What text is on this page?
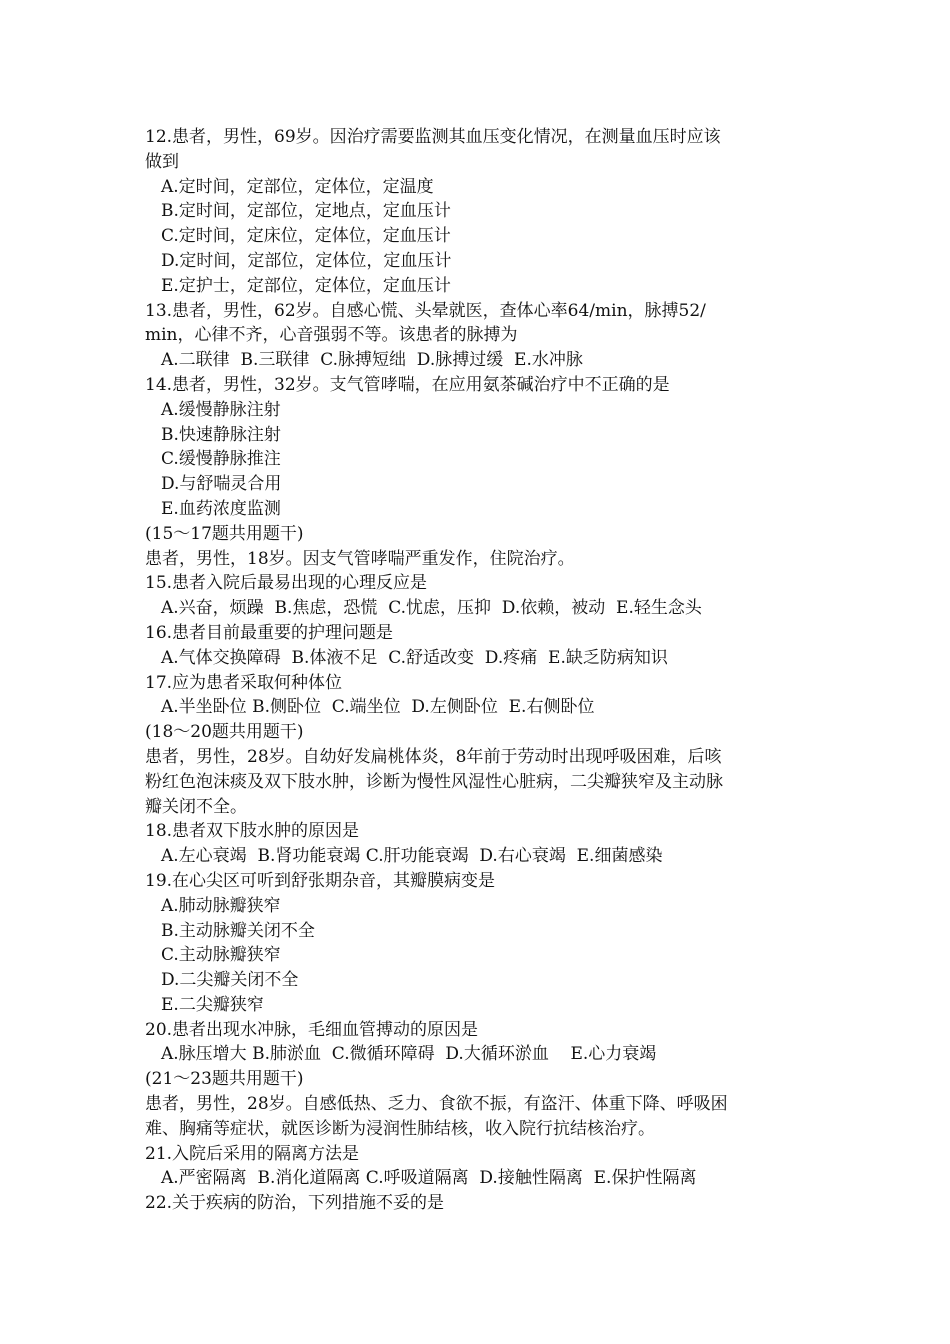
12.患者，男性，69岁。因治疗需要监测其血压变化情况，在测量血压时应该
做到
A.定时间，定部位，定体位，定温度
B.定时间，定部位，定地点，定血压计
C.定时间，定床位，定体位，定血压计
D.定时间，定部位，定体位，定血压计
E.定护士，定部位，定体位，定血压计
13.患者，男性，62岁。自感心慌、头晕就医，查体心率64/min，脉搏52/
min，心律不齐，心音强弱不等。该患者的脉搏为
A.二联律  B.三联律  C.脉搏短绌  D.脉搏过缓  E.水冲脉
14.患者，男性，32岁。支气管哮喘，在应用氨茶碱治疗中不正确的是
A.缓慢静脉注射
B.快速静脉注射
C.缓慢静脉推注
D.与舒喘灵合用
E.血药浓度监测
(15～17题共用题干)
患者，男性，18岁。因支气管哮喘严重发作，住院治疗。
15.患者入院后最易出现的心理反应是
A.兴奋，烦躁  B.焦虑，恐慌  C.忧虑，压抑  D.依赖，被动  E.轻生念头
16.患者目前最重要的护理问题是
A.气体交换障碍  B.体液不足  C.舒适改变  D.疼痛  E.缺乏防病知识
17.应为患者采取何种体位
A.半坐卧位 B.侧卧位  C.端坐位  D.左侧卧位  E.右侧卧位
(18～20题共用题干)
患者，男性，28岁。自幼好发扁桃体炎，8年前于劳动时出现呼吸困难，后咳
粉红色泡沫痰及双下肢水肿，诊断为慢性风湿性心脏病，二尖瓣狭窄及主动脉
瓣关闭不全。
18.患者双下肢水肿的原因是
A.左心衰竭  B.肾功能衰竭 C.肝功能衰竭  D.右心衰竭  E.细菌感染
19.在心尖区可听到舒张期杂音，其瓣膜病变是
A.肺动脉瓣狭窄
B.主动脉瓣关闭不全
C.主动脉瓣狭窄
D.二尖瓣关闭不全
E.二尖瓣狭窄
20.患者出现水冲脉，毛细血管搏动的原因是
A.脉压增大 B.肺淤血  C.微循环障碍  D.大循环淤血    E.心力衰竭
(21～23题共用题干)
患者，男性，28岁。自感低热、乏力、食欲不振，有盗汗、体重下降、呼吸困
难、胸痛等症状，就医诊断为浸润性肺结核，收入院行抗结核治疗。
21.入院后采用的隔离方法是
A.严密隔离  B.消化道隔离 C.呼吸道隔离  D.接触性隔离  E.保护性隔离
22.关于疾病的防治，下列措施不妥的是
